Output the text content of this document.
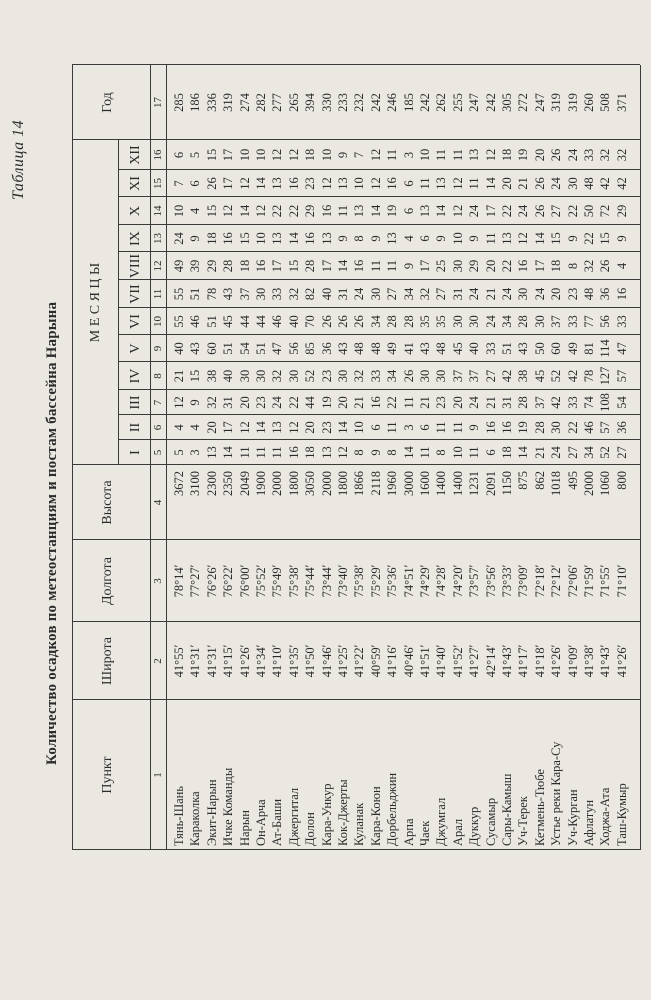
Таблица 14
Количество осадков по метеостанциям и постам бассейна Нарына
Пункт
Широта
Долгота
Высота
М Е С Я Ц Ы
I
II
III
IV
V
VI
VII
VIII
IX
X
XI
XII
Год
1
2
3
4
5
6
7
8
9
10
11
12
13
14
15
16
17
Тянь-Шань
41°55′
78°14′
3672
5
4
12
21
40
55
55
49
24
10
7
6
285
Караколка
41°31′
77°27′
3100
3
4
9
15
43
46
51
39
9
4
6
5
186
Экит-Нарын
41°31′
76°26′
2300
13
20
32
38
60
51
78
29
18
15
26
15
336
Ичке Команды
41°15′
76°22′
2350
14
17
31
40
51
45
43
28
16
12
17
17
319
Нарын
41°26′
76°00′
2049
11
12
20
30
54
44
37
18
15
14
12
10
274
Он-Арча
41°34′
75°52′
1900
11
14
23
30
51
44
30
16
10
12
14
10
282
Ат-Баши
41°10′
75°49′
2000
11
13
24
32
47
46
33
17
13
22
13
12
277
Джергитал
41°35′
75°38′
1800
16
12
22
30
56
40
32
15
14
22
16
12
265
Долон
41°50′
75°44′
3050
18
20
44
52
85
70
82
28
16
29
23
18
394
Кара-Ункур
41°46′
73°44′
2000
13
23
19
23
36
26
40
17
13
16
12
10
330
Кок-Джерты
41°25′
73°40′
1800
12
14
20
30
43
26
31
14
9
11
13
9
233
Куланак
41°22′
75°38′
1866
8
10
21
32
48
26
24
16
8
13
10
7
232
Кара-Коюн
40°59′
75°29′
2118
9
6
16
33
48
34
30
11
9
14
12
12
242
Дорбельджин
41°16′
75°36′
1960
8
11
22
34
49
28
27
11
13
19
16
11
246
Арпа
40°46′
74°51′
3000
14
3
11
26
41
28
34
9
4
6
6
3
185
Чаек
41°51′
74°29′
1600
11
6
21
30
43
35
32
17
6
13
11
10
242
Джумгал
41°40′
74°28′
1400
8
11
23
30
48
35
27
25
9
14
13
11
262
Арал
41°52′
74°20′
1400
10
11
20
37
45
30
31
30
10
12
12
11
255
Дуккур
41°27′
73°57′
1231
11
9
24
37
40
30
24
29
9
24
11
13
247
Сусамыр
42°14′
73°56′
2091
6
16
21
27
33
24
21
20
11
17
14
12
242
Сары-Камыш
41°43′
73°33′
1150
18
16
31
42
51
34
24
22
13
22
20
18
305
Уч-Терек
41°17′
73°09′
875
14
19
28
38
43
28
30
16
12
24
21
19
272
Кетмень-Тюбе
41°18′
72°18′
862
21
28
37
45
50
30
24
17
14
26
26
20
247
Устье реки Кара-Су
41°26′
72°12′
1018
24
30
42
52
60
37
20
18
15
27
24
26
319
Уч-Курган
41°09′
72°06′
495
27
22
33
42
49
33
23
8
9
22
30
24
319
Афлатун
41°38′
71°59′
2000
34
46
74
78
81
77
48
32
22
50
48
33
260
Ходжа-Ата
41°43′
71°55′
1060
52
57
108
127
114
56
36
26
15
72
42
32
508
Таш-Кумыр
41°26′
71°10′
800
27
36
54
57
47
33
16
4
9
29
42
32
371
